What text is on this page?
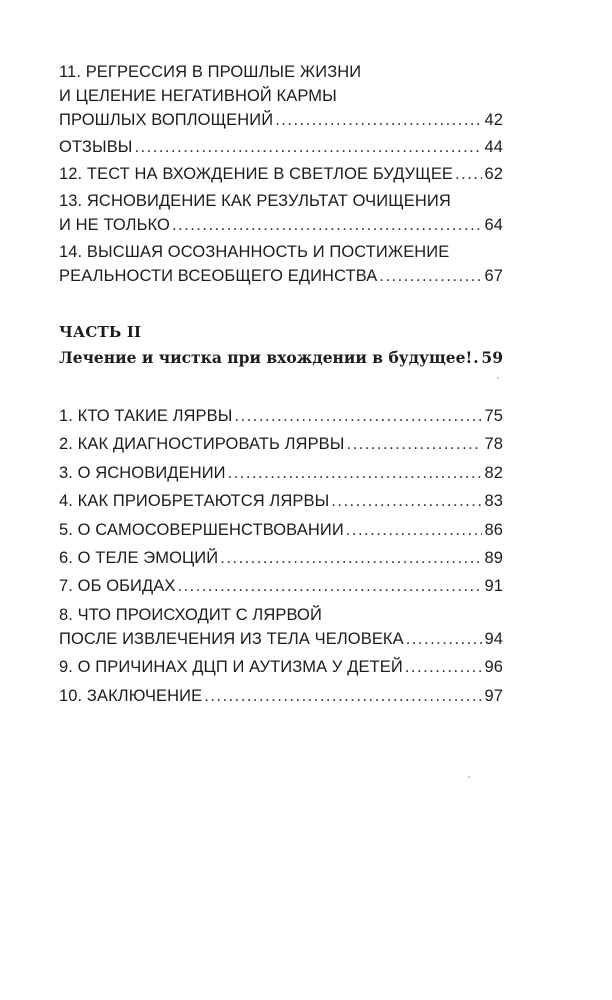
11. РЕГРЕССИЯ В ПРОШЛЫЕ ЖИЗНИ
И ЦЕЛЕНИЕ НЕГАТИВНОЙ КАРМЫ
ПРОШЛЫХ ВОПЛОЩЕНИЙ .....	42
ОТЗЫВЫ .....	44
12. ТЕСТ НА ВХОЖДЕНИЕ В СВЕТЛОЕ БУДУЩЕЕ ..... 62
13. ЯСНОВИДЕНИЕ КАК РЕЗУЛЬТАТ ОЧИЩЕНИЯ
И НЕ ТОЛЬКО .....	64
14. ВЫСШАЯ ОСОЗНАННОСТЬ И ПОСТИЖЕНИЕ
РЕАЛЬНОСТИ ВСЕОБЩЕГО ЕДИНСТВА .....	67
ЧАСТЬ II
Лечение и чистка при вхождении в будущее! ..... 59
1. КТО ТАКИЕ ЛЯРВЫ .....	75
2. КАК ДИАГНОСТИРОВАТЬ ЛЯРВЫ .....	78
3. О ЯСНОВИДЕНИИ .....	82
4. КАК ПРИОБРЕТАЮТСЯ ЛЯРВЫ .....	83
5. О САМОСОВЕРШЕНСТВОВАНИИ .....	86
6. О ТЕЛЕ ЭМОЦИЙ .....	89
7. ОБ ОБИДАХ .....	91
8. ЧТО ПРОИСХОДИТ С ЛЯРВОЙ
ПОСЛЕ ИЗВЛЕЧЕНИЯ ИЗ ТЕЛА ЧЕЛОВЕКА .....	94
9. О ПРИЧИНАХ ДЦП И АУТИЗМА У ДЕТЕЙ .....	96
10. ЗАКЛЮЧЕНИЕ .....	97
